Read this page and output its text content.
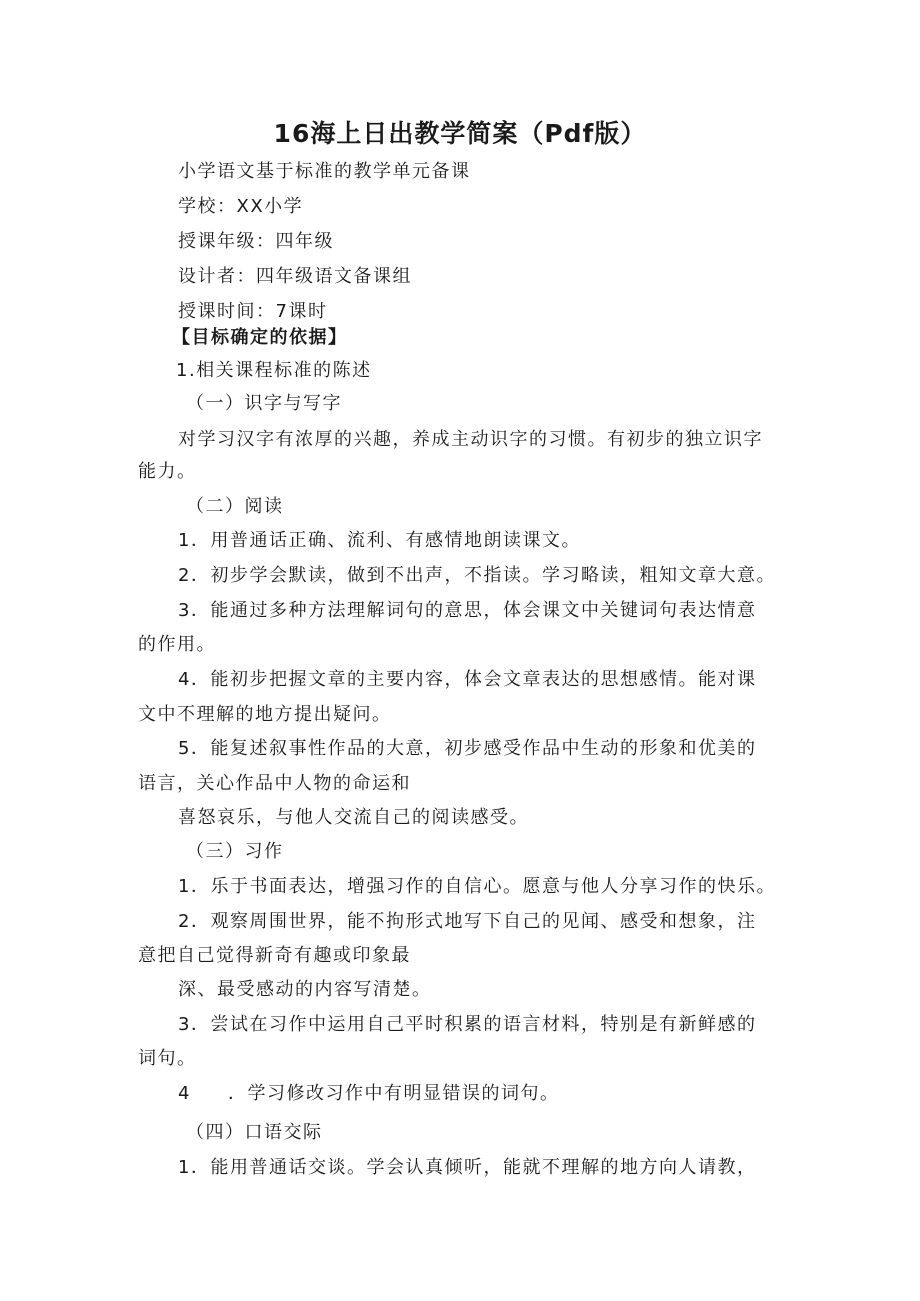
16海上日出教学简案（Pdf版）
小学语文基于标准的教学单元备课
学校：XX小学
授课年级：四年级
设计者：四年级语文备课组
授课时间：7课时
【目标确定的依据】
1.相关课程标准的陈述
（一）识字与写字
对学习汉字有浓厚的兴趣，养成主动识字的习惯。有初步的独立识字
能力。
（二）阅读
1．用普通话正确、流利、有感情地朗读课文。
2．初步学会默读，做到不出声，不指读。学习略读，粗知文章大意。
3．能通过多种方法理解词句的意思，体会课文中关键词句表达情意
的作用。
4．能初步把握文章的主要内容，体会文章表达的思想感情。能对课
文中不理解的地方提出疑问。
5．能复述叙事性作品的大意，初步感受作品中生动的形象和优美的
语言，关心作品中人物的命运和
喜怒哀乐，与他人交流自己的阅读感受。
（三）习作
1．乐于书面表达，增强习作的自信心。愿意与他人分享习作的快乐。
2．观察周围世界，能不拘形式地写下自己的见闻、感受和想象，注
意把自己觉得新奇有趣或印象最
深、最受感动的内容写清楚。
3．尝试在习作中运用自己平时积累的语言材料，特别是有新鲜感的
词句。
4 ．学习修改习作中有明显错误的词句。
（四）口语交际
1．能用普通话交谈。学会认真倾听，能就不理解的地方向人请教，
